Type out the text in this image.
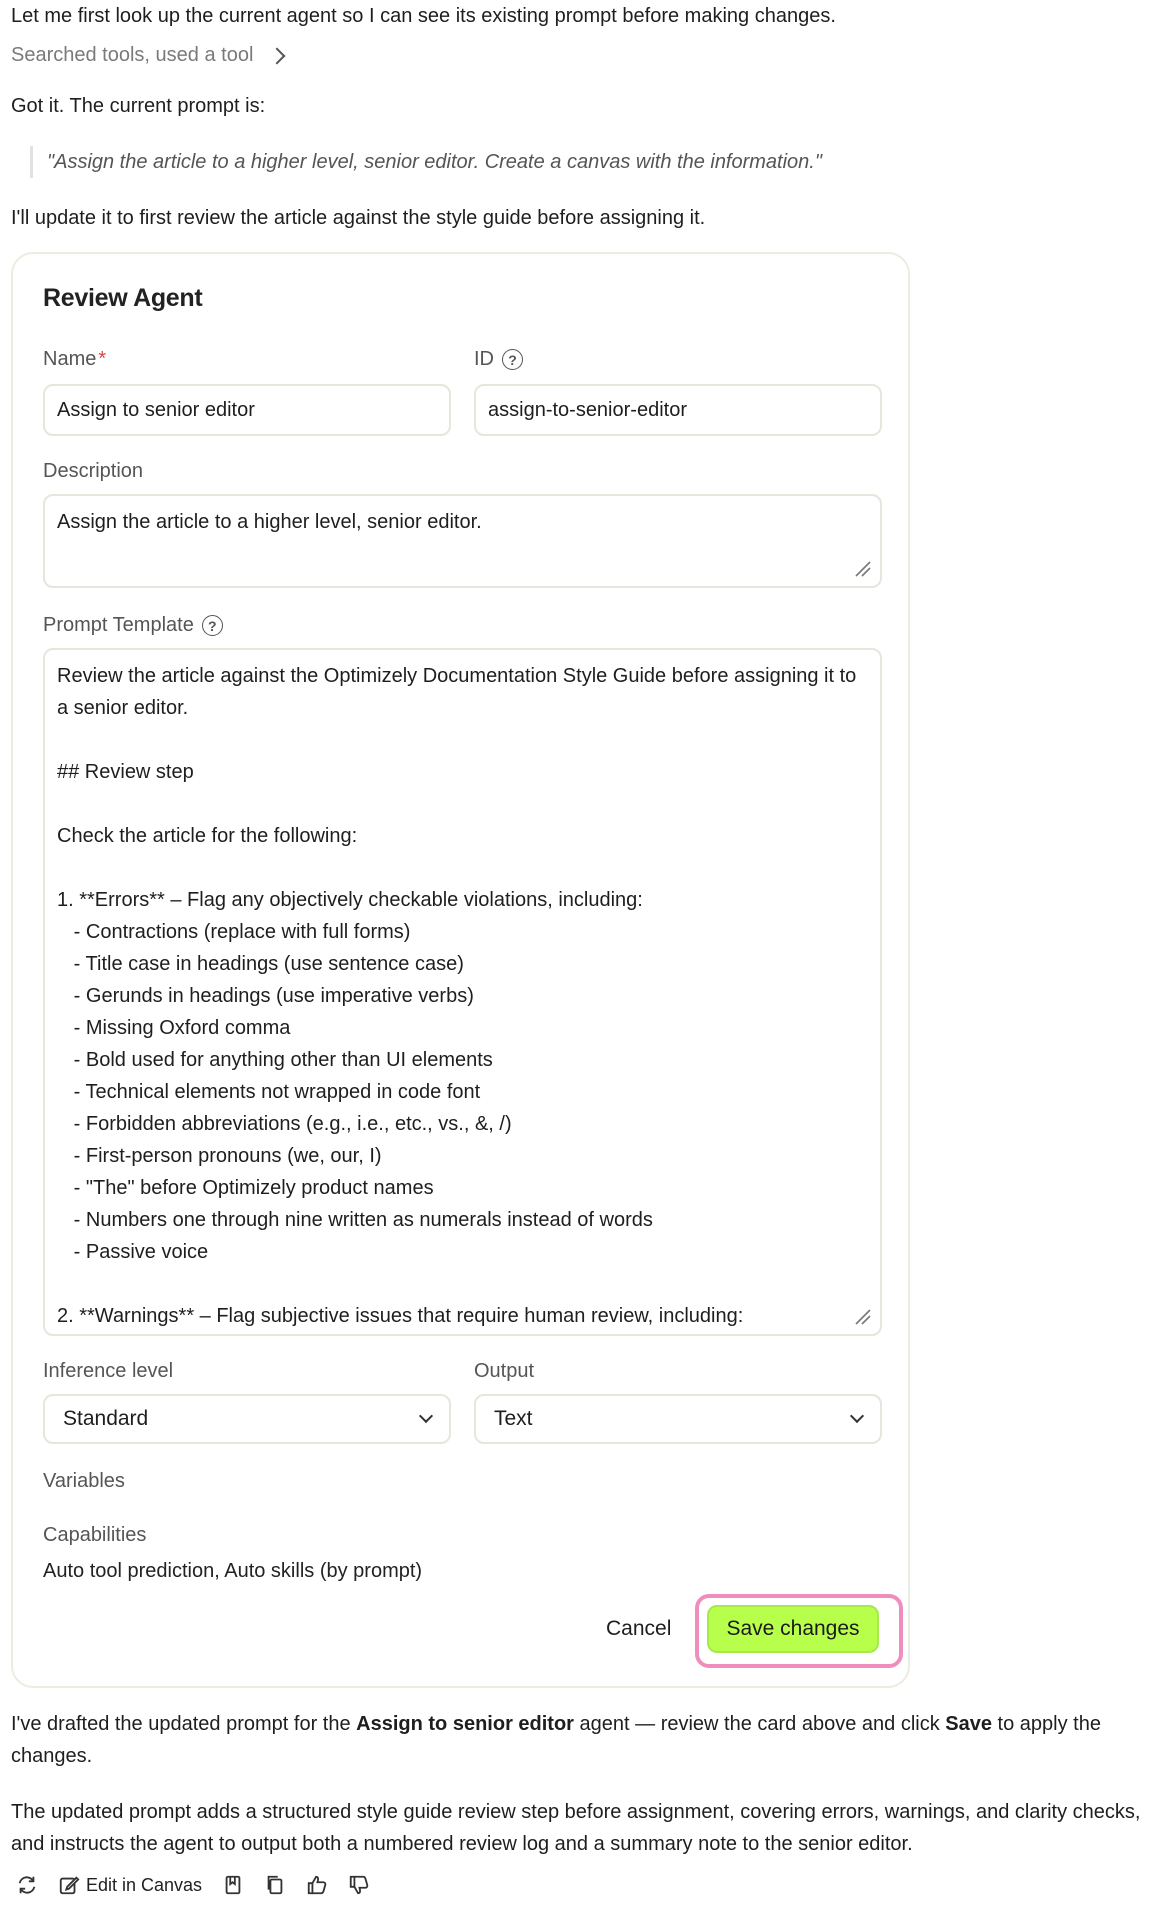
Let me first look up the current agent so I can see its existing prompt before making changes.

Searched tools, used a tool

Got it. The current prompt is:

"Assign the article to a higher level, senior editor. Create a canvas with the information."

I'll update it to first review the article against the style guide before assigning it.

Review Agent
Name *
Assign to senior editor
ID	?
assign-to-senior-editor
Description
Assign the article to a higher level, senior editor.
Prompt Template	?
Review the article against the Optimizely Documentation Style Guide before assigning it to
a senior editor.
## Review step
Check the article for the following:
1. **Errors** – Flag any objectively checkable violations, including:
- Contractions (replace with full forms)
- Title case in headings (use sentence case)
- Gerunds in headings (use imperative verbs)
- Missing Oxford comma
- Bold used for anything other than UI elements
- Technical elements not wrapped in code font
- Forbidden abbreviations (e.g., i.e., etc., vs., &, /)
- First-person pronouns (we, our, I)
- "The" before Optimizely product names
- Numbers one through nine written as numerals instead of words
- Passive voice
2. **Warnings** – Flag subjective issues that require human review, including:
Inference level
Standard
Output
Text
Variables
Capabilities
Auto tool prediction, Auto skills (by prompt)
Cancel	Save changes

I've drafted the updated prompt for the Assign to senior editor agent — review the card above and click Save to apply the changes.

The updated prompt adds a structured style guide review step before assignment, covering errors, warnings, and clarity checks, and instructs the agent to output both a numbered review log and a summary note to the senior editor.

Edit in Canvas
